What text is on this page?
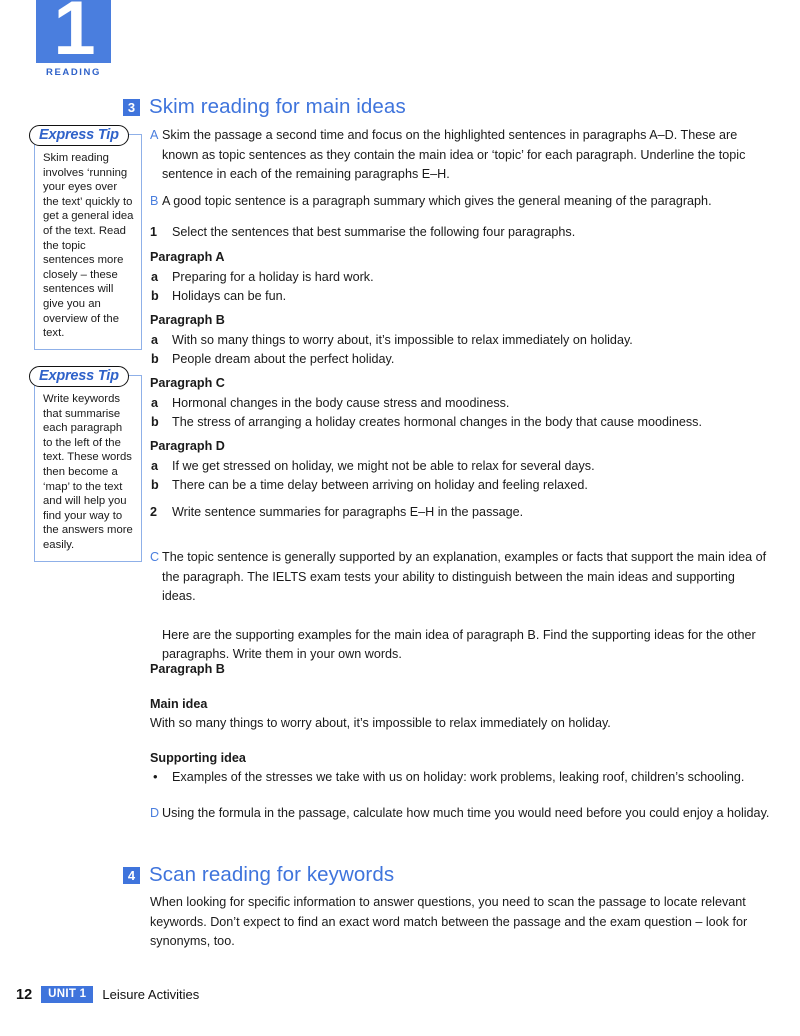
1
READING
3 Skim reading for main ideas
Express Tip
Skim reading involves ‘running your eyes over the text’ quickly to get a general idea of the text. Read the topic sentences more closely – these sentences will give you an overview of the text.
Express Tip
Write keywords that summarise each paragraph to the left of the text. These words then become a ‘map’ to the text and will help you find your way to the answers more easily.
A Skim the passage a second time and focus on the highlighted sentences in paragraphs A–D. These are known as topic sentences as they contain the main idea or ‘topic’ for each paragraph. Underline the topic sentence in each of the remaining paragraphs E–H.
B A good topic sentence is a paragraph summary which gives the general meaning of the paragraph.
1 Select the sentences that best summarise the following four paragraphs.
Paragraph A
a Preparing for a holiday is hard work.
b Holidays can be fun.
Paragraph B
a With so many things to worry about, it’s impossible to relax immediately on holiday.
b People dream about the perfect holiday.
Paragraph C
a Hormonal changes in the body cause stress and moodiness.
b The stress of arranging a holiday creates hormonal changes in the body that cause moodiness.
Paragraph D
a If we get stressed on holiday, we might not be able to relax for several days.
b There can be a time delay between arriving on holiday and feeling relaxed.
2 Write sentence summaries for paragraphs E–H in the passage.
C The topic sentence is generally supported by an explanation, examples or facts that support the main idea of the paragraph. The IELTS exam tests your ability to distinguish between the main ideas and supporting ideas.
Here are the supporting examples for the main idea of paragraph B. Find the supporting ideas for the other paragraphs. Write them in your own words.
Paragraph B
Main idea
With so many things to worry about, it’s impossible to relax immediately on holiday.
Supporting idea
• Examples of the stresses we take with us on holiday: work problems, leaking roof, children’s schooling.
D Using the formula in the passage, calculate how much time you would need before you could enjoy a holiday.
4 Scan reading for keywords
When looking for specific information to answer questions, you need to scan the passage to locate relevant keywords. Don’t expect to find an exact word match between the passage and the exam question – look for synonyms, too.
12	UNIT 1	Leisure Activities
